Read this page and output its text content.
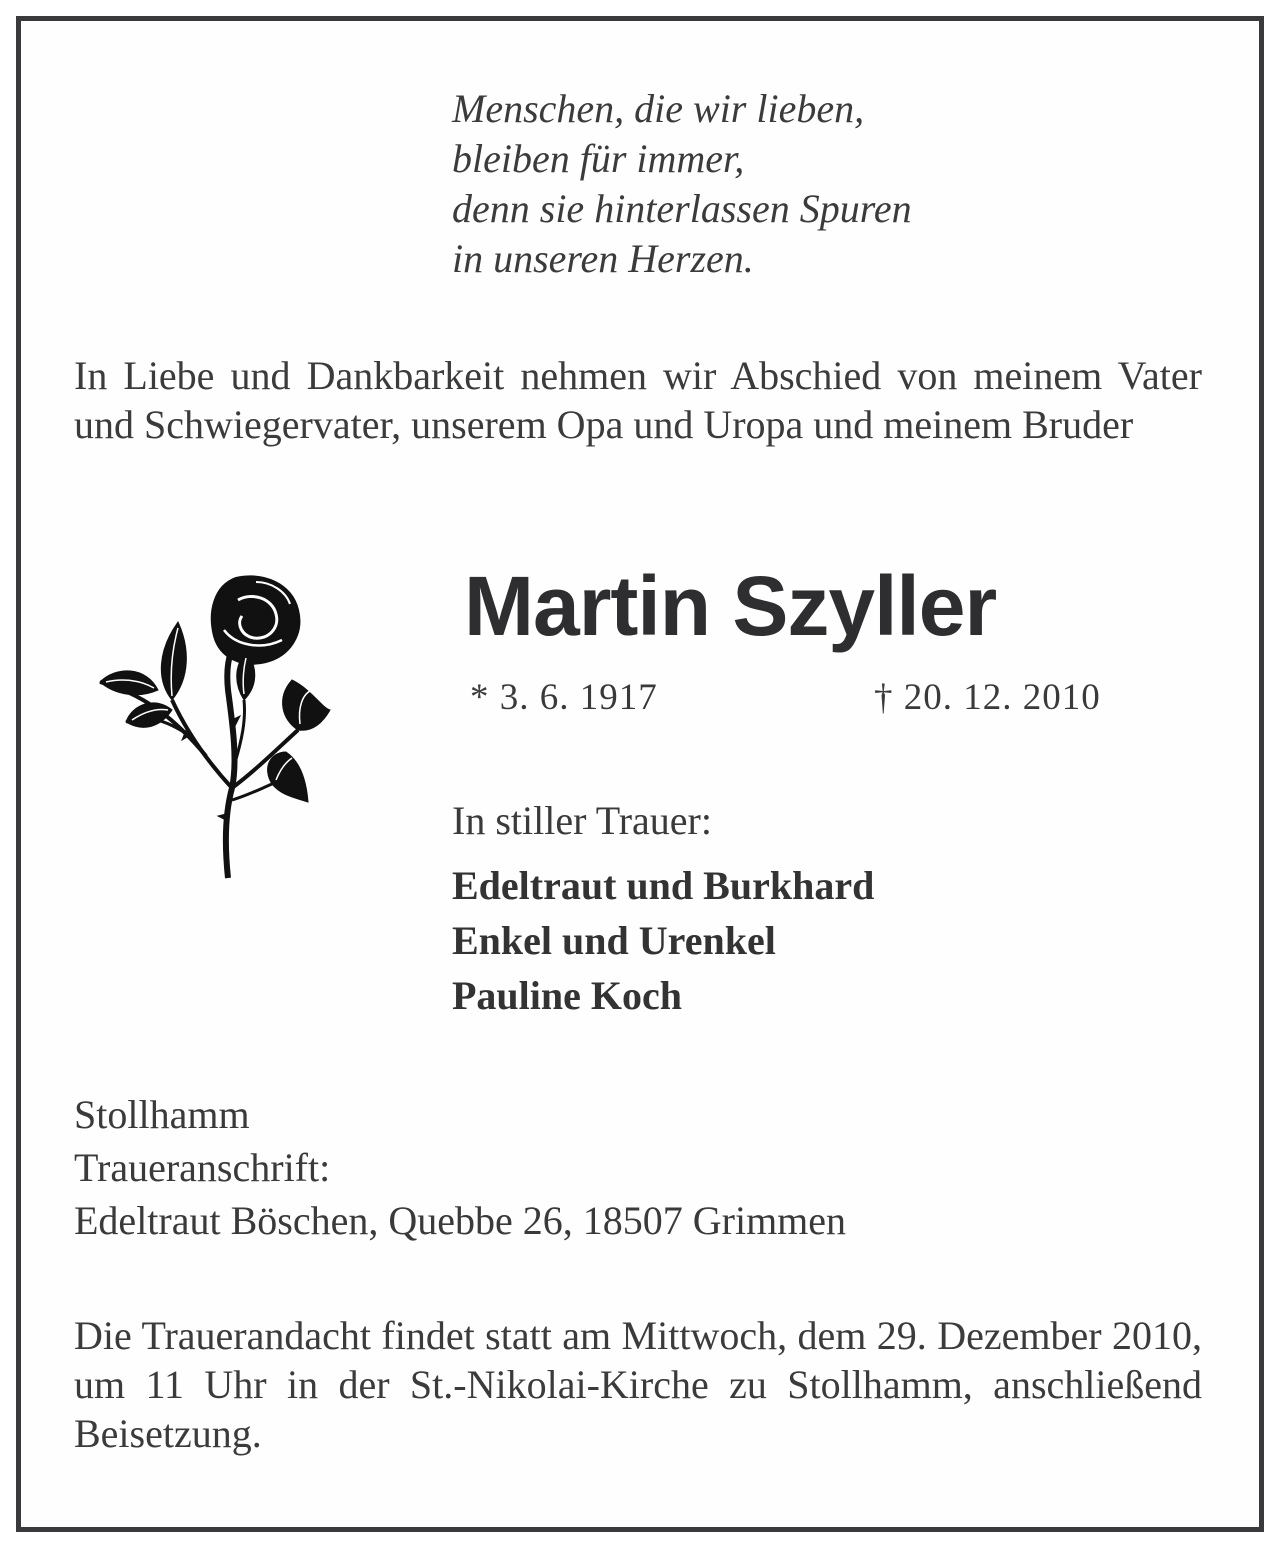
Menschen, die wir lieben,
bleiben für immer,
denn sie hinterlassen Spuren
in unseren Herzen.
In Liebe und Dankbarkeit nehmen wir Abschied von meinem Vater und Schwiegervater, unserem Opa und Uropa und meinem Bruder
Martin Szyller
* 3. 6. 1917	† 20. 12. 2010
In stiller Trauer:
Edeltraut und Burkhard
Enkel und Urenkel
Pauline Koch
Stollhamm
Traueranschrift:
Edeltraut Böschen, Quebbe 26, 18507 Grimmen
Die Trauerandacht findet statt am Mittwoch, dem 29. Dezember 2010, um 11 Uhr in der St.-Nikolai-Kirche zu Stollhamm, anschließend Beisetzung.
